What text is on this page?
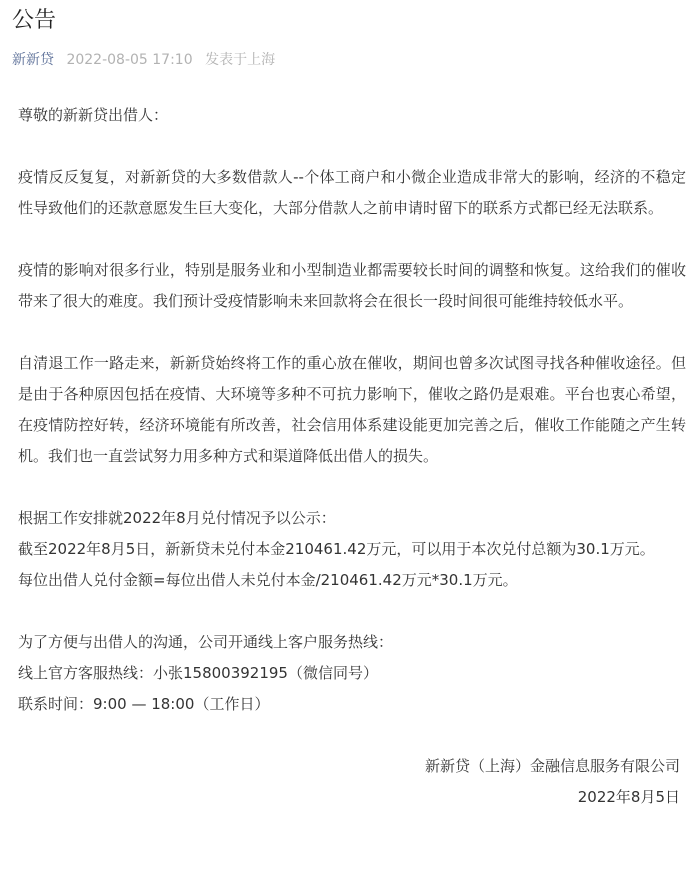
公告
新新贷 2022-08-05 17:10 发表于上海

尊敬的新新贷出借人：

疫情反反复复，对新新贷的大多数借款人--个体工商户和小微企业造成非常大的影响，经济的不稳定性导致他们的还款意愿发生巨大变化，大部分借款人之前申请时留下的联系方式都已经无法联系。

疫情的影响对很多行业，特别是服务业和小型制造业都需要较长时间的调整和恢复。这给我们的催收带来了很大的难度。我们预计受疫情影响未来回款将会在很长一段时间很可能维持较低水平。

自清退工作一路走来，新新贷始终将工作的重心放在催收，期间也曾多次试图寻找各种催收途径。但是由于各种原因包括在疫情、大环境等多种不可抗力影响下，催收之路仍是艰难。平台也衷心希望，在疫情防控好转，经济环境能有所改善，社会信用体系建设能更加完善之后，催收工作能随之产生转机。我们也一直尝试努力用多种方式和渠道降低出借人的损失。

根据工作安排就2022年8月兑付情况予以公示：

截至2022年8月5日，新新贷未兑付本金210461.42万元，可以用于本次兑付总额为30.1万元。

每位出借人兑付金额=每位出借人未兑付本金/210461.42万元*30.1万元。

为了方便与出借人的沟通，公司开通线上客户服务热线：

线上官方客服热线：小张15800392195（微信同号）

联系时间：9:00 — 18:00（工作日）

新新贷（上海）金融信息服务有限公司

2022年8月5日
